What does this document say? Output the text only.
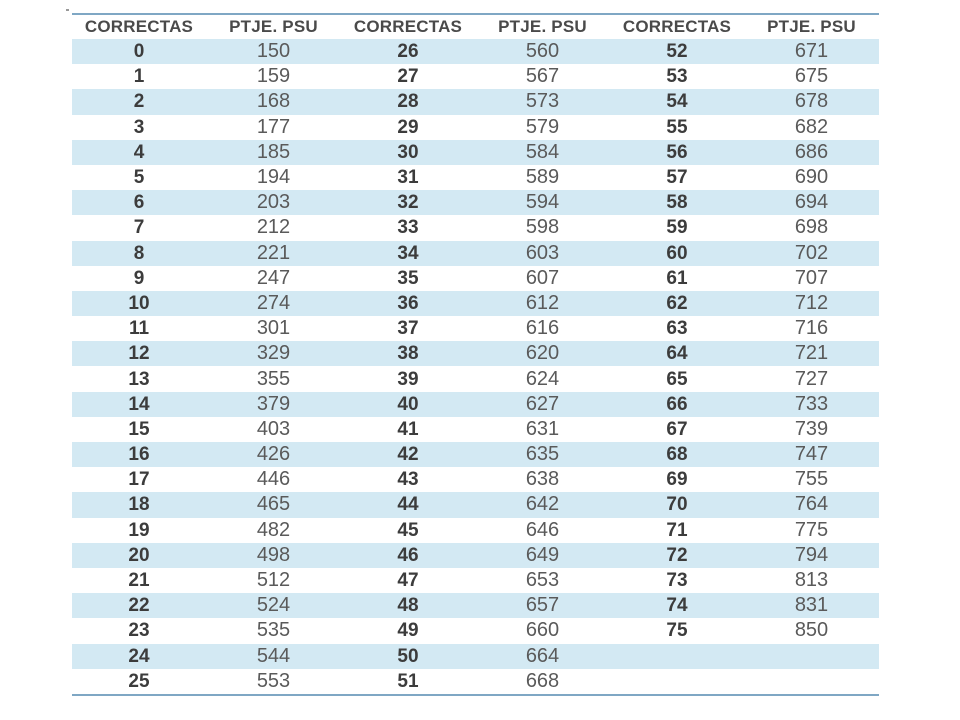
CORRECTAS	PTJE. PSU	CORRECTAS	PTJE. PSU	CORRECTAS	PTJE. PSU
0	150	26	560	52	671
1	159	27	567	53	675
2	168	28	573	54	678
3	177	29	579	55	682
4	185	30	584	56	686
5	194	31	589	57	690
6	203	32	594	58	694
7	212	33	598	59	698
8	221	34	603	60	702
9	247	35	607	61	707
10	274	36	612	62	712
11	301	37	616	63	716
12	329	38	620	64	721
13	355	39	624	65	727
14	379	40	627	66	733
15	403	41	631	67	739
16	426	42	635	68	747
17	446	43	638	69	755
18	465	44	642	70	764
19	482	45	646	71	775
20	498	46	649	72	794
21	512	47	653	73	813
22	524	48	657	74	831
23	535	49	660	75	850
24	544	50	664		
25	553	51	668		
